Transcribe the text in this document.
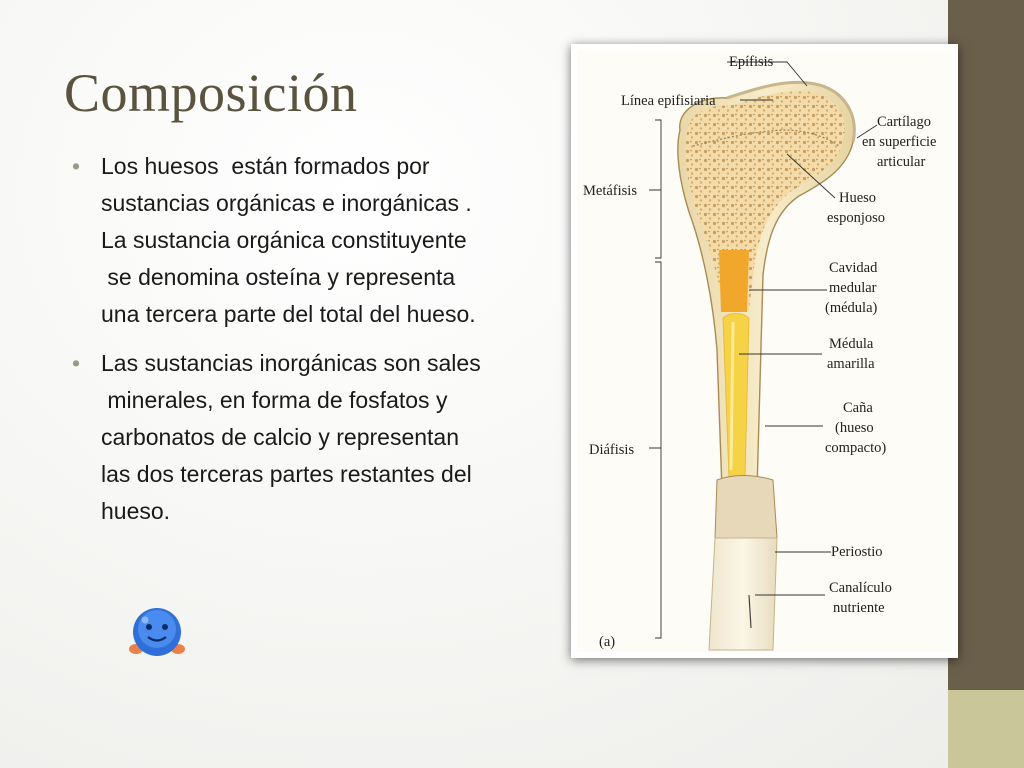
Composición
• Los huesos  están formados por
sustancias orgánicas e inorgánicas .
La sustancia orgánica constituyente
se denomina osteína y representa
una tercera parte del total del hueso.
• Las sustancias inorgánicas son sales
minerales, en forma de fosfatos y
carbonatos de calcio y representan
las dos terceras partes restantes del
hueso.
Epífisis
Línea epifisiaria
Metáfisis
Diáfisis
Cartílago en superficie articular
Hueso esponjoso
Cavidad medular (médula)
Médula amarilla
Caña (hueso compacto)
Periostio
Canalículo nutriente
(a)
